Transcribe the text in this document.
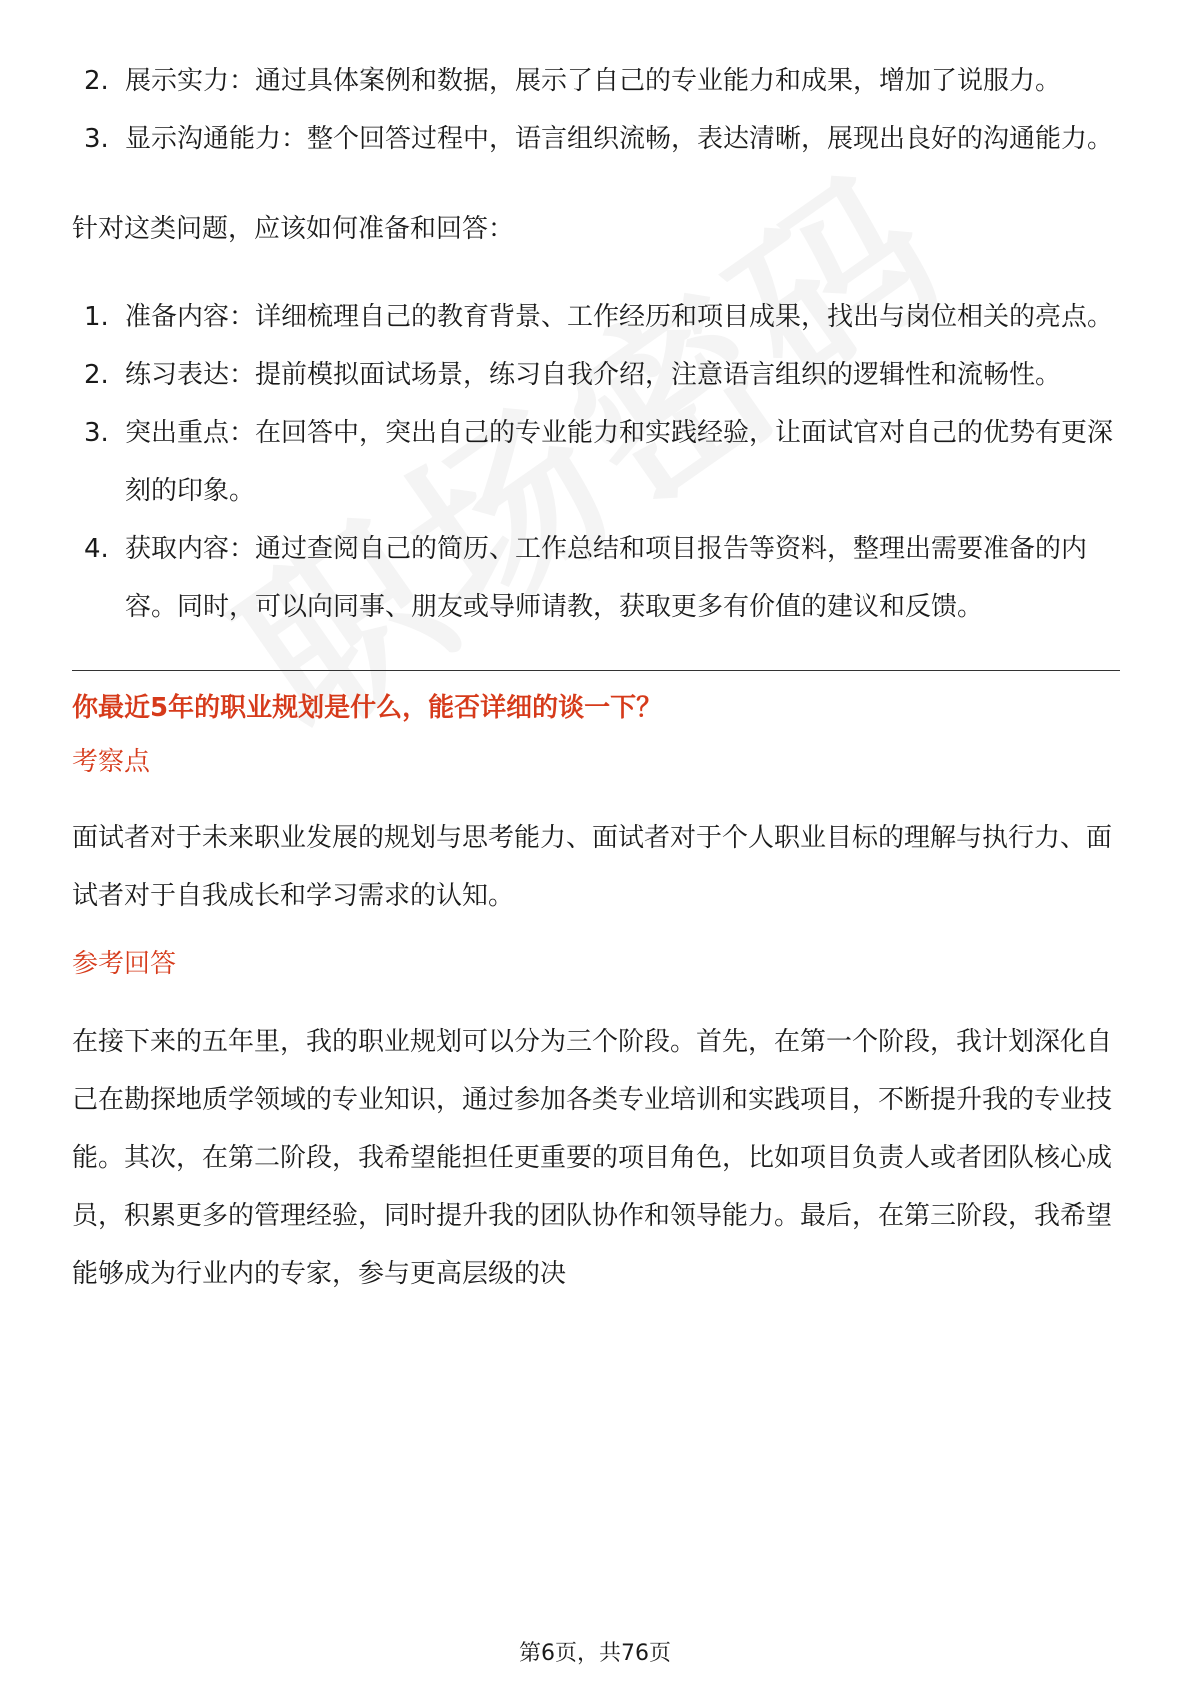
2. 展示实力：通过具体案例和数据，展示了自己的专业能力和成果，增加了说服力。
3. 显示沟通能力：整个回答过程中，语言组织流畅，表达清晰，展现出良好的沟通能力。

针对这类问题，应该如何准备和回答：

1. 准备内容：详细梳理自己的教育背景、工作经历和项目成果，找出与岗位相关的亮点。
2. 练习表达：提前模拟面试场景，练习自我介绍，注意语言组织的逻辑性和流畅性。
3. 突出重点：在回答中，突出自己的专业能力和实践经验，让面试官对自己的优势有更深刻的印象。
4. 获取内容：通过查阅自己的简历、工作总结和项目报告等资料，整理出需要准备的内容。同时，可以向同事、朋友或导师请教，获取更多有价值的建议和反馈。

你最近5年的职业规划是什么，能否详细的谈一下？

考察点

面试者对于未来职业发展的规划与思考能力、面试者对于个人职业目标的理解与执行力、面试者对于自我成长和学习需求的认知。

参考回答

在接下来的五年里，我的职业规划可以分为三个阶段。首先，在第一个阶段，我计划深化自己在勘探地质学领域的专业知识，通过参加各类专业培训和实践项目，不断提升我的专业技能。其次，在第二阶段，我希望能担任更重要的项目角色，比如项目负责人或者团队核心成员，积累更多的管理经验，同时提升我的团队协作和领导能力。最后，在第三阶段，我希望能够成为行业内的专家，参与更高层级的决

第6页，共76页
